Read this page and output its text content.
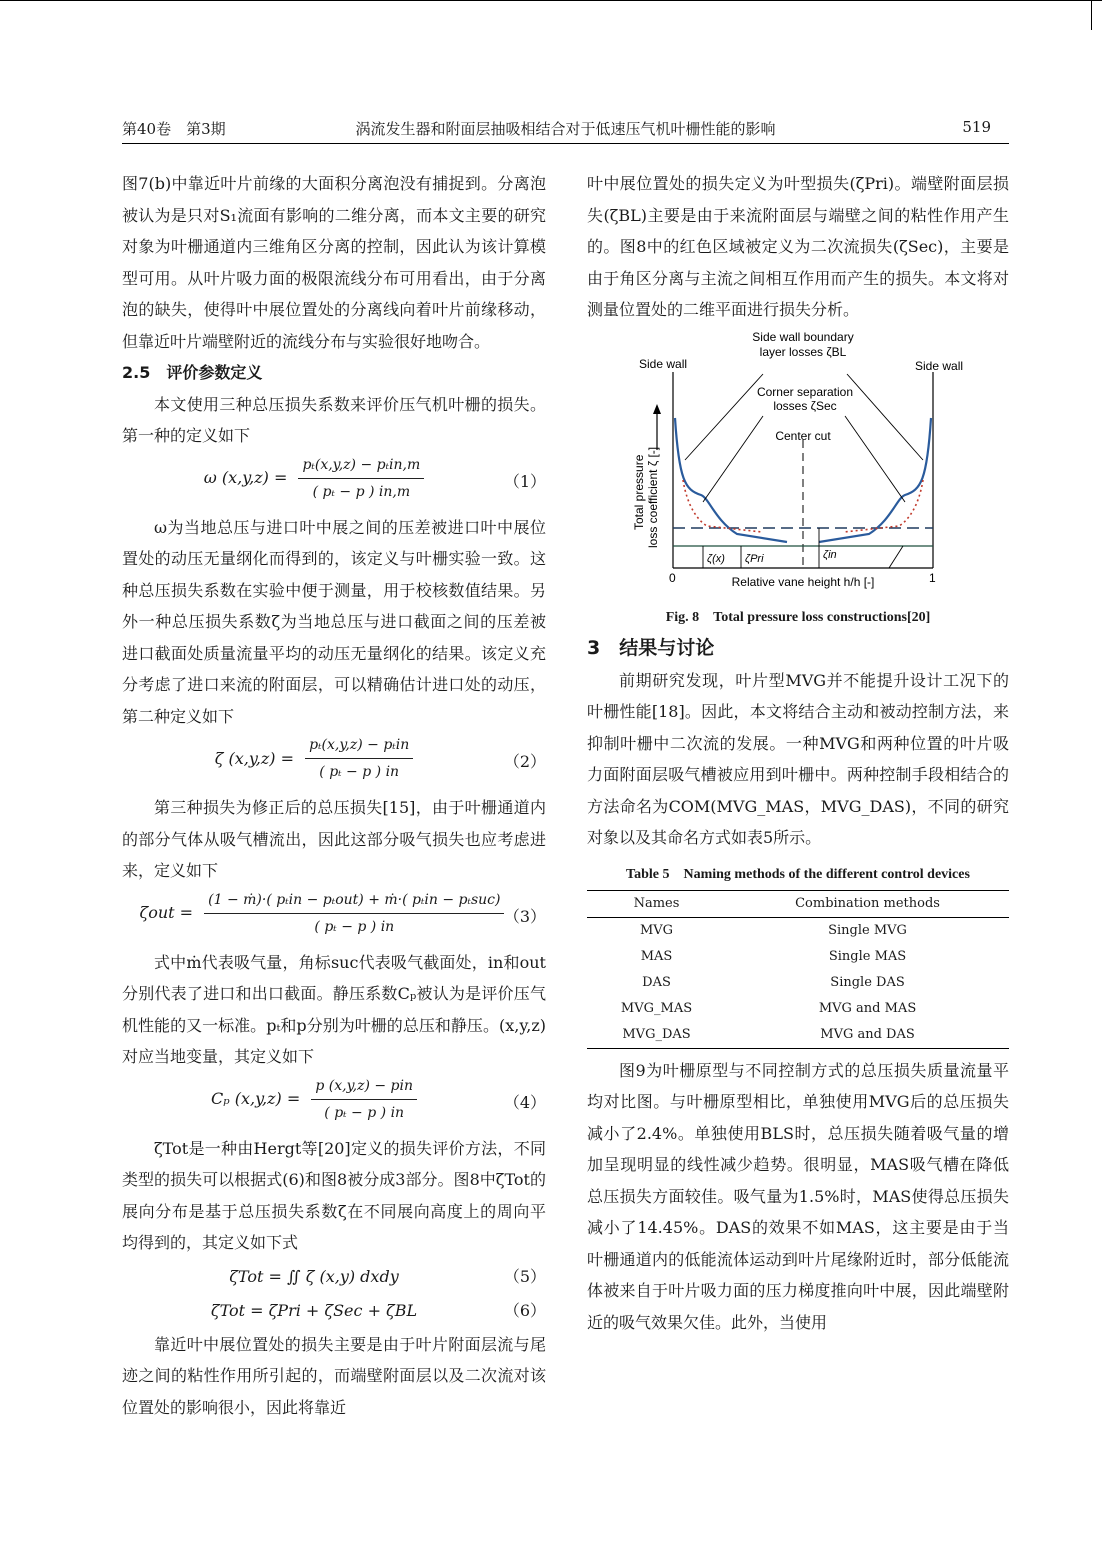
第40卷　第3期	涡流发生器和附面层抽吸相结合对于低速压气机叶栅性能的影响	519

图7(b)中靠近叶片前缘的大面积分离泡没有捕捉到。分离泡被认为是只对S₁流面有影响的二维分离，而本文主要的研究对象为叶栅通道内三维角区分离的控制，因此认为该计算模型可用。从叶片吸力面的极限流线分布可用看出，由于分离泡的缺失，使得叶中展位置处的分离线向着叶片前缘移动，但靠近叶片端壁附近的流线分布与实验很好地吻合。

2.5　评价参数定义

本文使用三种总压损失系数来评价压气机叶栅的损失。第一种的定义如下

ω $(x,y,z) = \frac{\text{pₜ(x,y,z) − pₜin,m}}{\text{( pₜ − p ) in,m}}$	（1）

ω为当地总压与进口叶中展之间的压差被进口叶中展位置处的动压无量纲化而得到的，该定义与叶栅实验一致。这种总压损失系数在实验中便于测量，用于校核数值结果。另外一种总压损失系数ζ为当地总压与进口截面之间的压差被进口截面处质量流量平均的动压无量纲化的结果。该定义充分考虑了进口来流的附面层，可以精确估计进口处的动压，第二种定义如下

ζ $(x,y,z) = \frac{\text{pₜ(x,y,z) − pₜin}}{\text{( pₜ − p ) in}}$	（2）

第三种损失为修正后的总压损失[15]，由于叶栅通道内的部分气体从吸气槽流出，因此这部分吸气损失也应考虑进来，定义如下

$\zeta out = \frac{\text{(1 − ṁ)·( pₜin − pₜout) + ṁ·( pₜin − pₜsuc)}}{\text{( pₜ − p ) in}} (3)$

式中ṁ代表吸气量，角标suc代表吸气截面处，in和out分别代表了进口和出口截面。静压系数Cₚ被认为是评价压气机性能的又一标准。pₜ和p分别为叶栅的总压和静压。(x,y,z)对应当地变量，其定义如下

Cₚ $(x,y,z) = \frac{\text{p (x,y,z) − pin}}{\text{( pₜ − p ) in}}$	（4）

ζTot是一种由Hergt等[20]定义的损失评价方法，不同类型的损失可以根据式(6)和图8被分成3部分。图8中ζTot的展向分布是基于总压损失系数ζ在不同展向高度上的周向平均得到的，其定义如下式

ζTot = ∬ ζ (x,y) dxdy	（5）
ζTot = ζPri + ζSec + ζBL	（6）

靠近叶中展位置处的损失主要是由于叶片附面层流与尾迹之间的粘性作用所引起的，而端壁附面层以及二次流对该位置处的影响很小，因此将靠近

叶中展位置处的损失定义为叶型损失(ζPri)。端壁附面层损失(ζBL)主要是由于来流附面层与端壁之间的粘性作用产生的。图8中的红色区域被定义为二次流损失(ζSec)，主要是由于角区分离与主流之间相互作用而产生的损失。本文将对测量位置处的二维平面进行损失分析。

Side wall boundary
layer losses ζBL
Side wall	Side wall
Corner separation
losses ζSec
Center cut
Total pressure loss coefficient ζ [-]
Relative vane height h/h [-]
0	1
ζ(x) ζPri	ζin
Fig. 8　Total pressure loss constructions[20]

3　结果与讨论

前期研究发现，叶片型MVG并不能提升设计工况下的叶栅性能[18]。因此，本文将结合主动和被动控制方法，来抑制叶栅中二次流的发展。一种MVG和两种位置的叶片吸力面附面层吸气槽被应用到叶栅中。两种控制手段相结合的方法命名为COM(MVG_MAS，MVG_DAS)，不同的研究对象以及其命名方式如表5所示。

Table 5　Naming methods of the different control devices
Names	Combination methods
MVG	Single MVG
MAS	Single MAS
DAS	Single DAS
MVG_MAS	MVG and MAS
MVG_DAS	MVG and DAS

图9为叶栅原型与不同控制方式的总压损失质量流量平均对比图。与叶栅原型相比，单独使用MVG后的总压损失减小了2.4%。单独使用BLS时，总压损失随着吸气量的增加呈现明显的线性减少趋势。很明显，MAS吸气槽在降低总压损失方面较佳。吸气量为1.5%时，MAS使得总压损失减小了14.45%。DAS的效果不如MAS，这主要是由于当叶栅通道内的低能流体运动到叶片尾缘附近时，部分低能流体被来自于叶片吸力面的压力梯度推向叶中展，因此端壁附近的吸气效果欠佳。此外，当使用
